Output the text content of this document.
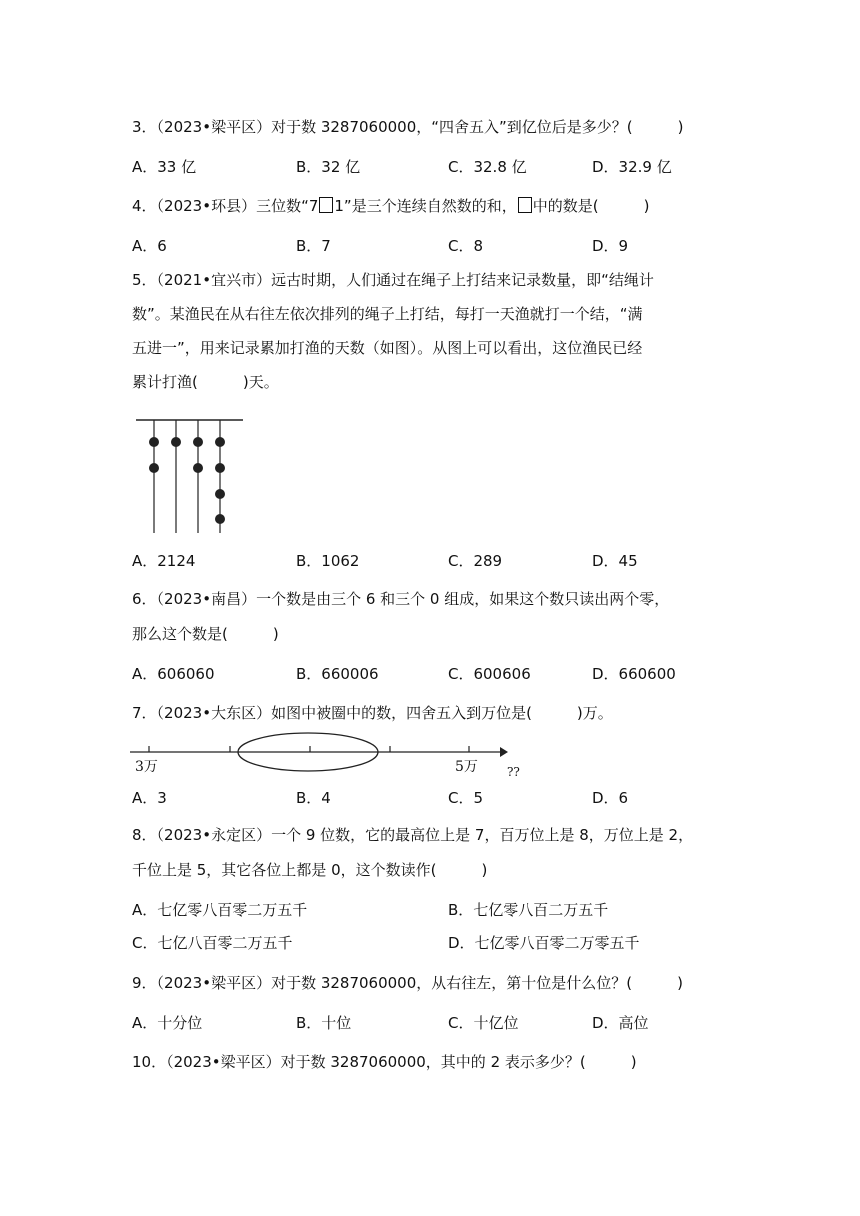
3．（2023•梁平区）对于数 3287060000，“四舍五入”到亿位后是多少？(　　　)
A．33 亿	B．32 亿	C．32.8 亿	D．32.9 亿
4．（2023•环县）三位数“7 1”是三个连续自然数的和， 中的数是(　　　)
A．6	B．7	C．8	D．9
5．（2021•宜兴市）远古时期，人们通过在绳子上打结来记录数量，即“结绳计
数”。某渔民在从右往左依次排列的绳子上打结，每打一天渔就打一个结，“满
五进一”，用来记录累加打渔的天数（如图）。从图上可以看出，这位渔民已经
累计打渔(　　　)天。
A．2124	B．1062	C．289	D．45
6．（2023•南昌）一个数是由三个 6 和三个 0 组成，如果这个数只读出两个零，
那么这个数是(　　　)
A．606060	B．660006	C．600606	D．660600
7．（2023•大东区）如图中被圈中的数，四舍五入到万位是(　　　)万。
3万	5万 ??
A．3	B．4	C．5	D．6
8．（2023•永定区）一个 9 位数，它的最高位上是 7，百万位上是 8，万位上是 2，
千位上是 5，其它各位上都是 0，这个数读作(　　　)
A．七亿零八百零二万五千	B．七亿零八百二万五千
C．七亿八百零二万五千	D．七亿零八百零二万零五千
9．（2023•梁平区）对于数 3287060000，从右往左，第十位是什么位？(　　　)
A．十分位	B．十位	C．十亿位	D．高位
10．（2023•梁平区）对于数 3287060000，其中的 2 表示多少？(　　　)
